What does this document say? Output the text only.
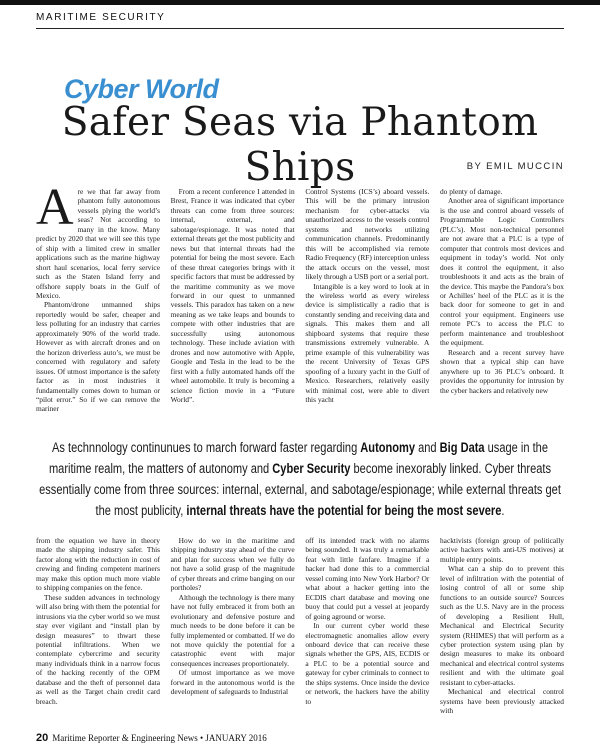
MARITIME SECURITY
Cyber World
Safer Seas via Phantom Ships	BY EMIL MUCCIN

Are we that far away from phantom fully autonomous vessels plying the world’s seas? Not according to many in the know. Many predict by 2020 that we will see this type of ship with a limited crew in smaller applications such as the marine highway short haul scenarios, local ferry service such as the Staten Island ferry and offshore supply boats in the Gulf of Mexico.

Phantom/drone unmanned ships reportedly would be safer, cheaper and less polluting for an industry that carries approximately 90% of the world trade. However as with aircraft drones and on the horizon driverless auto’s, we must be concerned with regulatory and safety issues. Of utmost importance is the safety factor as in most industries it fundamentally comes down to human or “pilot error.” So if we can remove the mariner

From a recent conference I attended in Brest, France it was indicated that cyber threats can come from three sources: internal, external, and sabotage/espionage. It was noted that external threats get the most publicity and news but that internal threats had the potential for being the most severe. Each of these threat categories brings with it specific factors that must be addressed by the maritime community as we move forward in our quest to unmanned vessels. This paradox has taken on a new meaning as we take leaps and bounds to compete with other industries that are successfully using autonomous technology. These include aviation with drones and now automotive with Apple, Google and Tesla in the lead to be the first with a fully automated hands off the wheel automobile. It truly is becoming a science fiction movie in a “Future World”.

Control Systems (ICS’s) aboard vessels. This will be the primary intrusion mechanism for cyber-attacks via unauthorized access to the vessels control systems and networks utilizing communication channels. Predominantly this will be accomplished via remote Radio Frequency (RF) interception unless the attack occurs on the vessel, most likely through a USB port or a serial port.

Intangible is a key word to look at in the wireless world as every wireless device is simplistically a radio that is constantly sending and receiving data and signals. This makes them and all shipboard systems that require these transmissions extremely vulnerable. A prime example of this vulnerability was the recent University of Texas GPS spoofing of a luxury yacht in the Gulf of Mexico. Researchers, relatively easily with minimal cost, were able to divert this yacht

do plenty of damage.

Another area of significant importance is the use and control aboard vessels of Programmable Logic Controllers (PLC’s). Most non-technical personnel are not aware that a PLC is a type of computer that controls most devices and equipment in today’s world. Not only does it control the equipment, it also troubleshoots it and acts as the brain of the device. This maybe the Pandora’s box or Achilles’ heel of the PLC as it is the back door for someone to get in and control your equipment. Engineers use remote PC’s to access the PLC to perform maintenance and troubleshoot the equipment.

Research and a recent survey have shown that a typical ship can have anywhere up to 36 PLC’s onboard. It provides the opportunity for intrusion by the cyber hackers and relatively new

As technnology continunues to march forward faster regarding Autonomy and Big Data usage in the maritime realm, the matters of autonomy and Cyber Security become inexorably linked. Cyber threats essentially come from three sources: internal, external, and sabotage/espionage; while external threats get the most publicity, internal threats have the potential for being the most severe.

from the equation we have in theory made the shipping industry safer. This factor along with the reduction in cost of crewing and finding competent mariners may make this option much more viable to shipping companies on the fence.

These sudden advances in technology will also bring with them the potential for intrusions via the cyber world so we must stay ever vigilant and “install plan by design measures” to thwart these potential infiltrations. When we contemplate cybercrime and security many individuals think in a narrow focus of the hacking recently of the OPM database and the theft of personnel data as well as the Target chain credit card breach.

How do we in the maritime and shipping industry stay ahead of the curve and plan for success when we fully do not have a solid grasp of the magnitude of cyber threats and crime banging on our portholes?

Although the technology is there many have not fully embraced it from both an evolutionary and defensive posture and much needs to be done before it can be fully implemented or combatted. If we do not move quickly the potential for a catastrophic event with major consequences increases proportionately.

Of utmost importance as we move forward in the autonomous world is the development of safeguards to Industrial

off its intended track with no alarms being sounded. It was truly a remarkable feat with little fanfare. Imagine if a hacker had done this to a commercial vessel coming into New York Harbor? Or what about a hacker getting into the ECDIS chart database and moving one buoy that could put a vessel at jeopardy of going aground or worse.

In our current cyber world these electromagnetic anomalies allow every onboard device that can receive these signals whether the GPS, AIS, ECDIS or a PLC to be a potential source and gateway for cyber criminals to connect to the ships systems. Once inside the device or network, the hackers have the ability to

hacktivists (foreign group of politically active hackers with anti-US motives) at multiple entry points.

What can a ship do to prevent this level of infiltration with the potential of losing control of all or some ship functions to an outside source? Sources such as the U.S. Navy are in the process of developing a Resilient Hull, Mechanical and Electrical Security system (RHIMES) that will perform as a cyber protection system using plan by design measures to make its onboard mechanical and electrical control systems resilient and with the ultimate goal resistant to cyber-attacks.

Mechanical and electrical control systems have been previously attacked with

20 Maritime Reporter & Engineering News • JANUARY 2016
